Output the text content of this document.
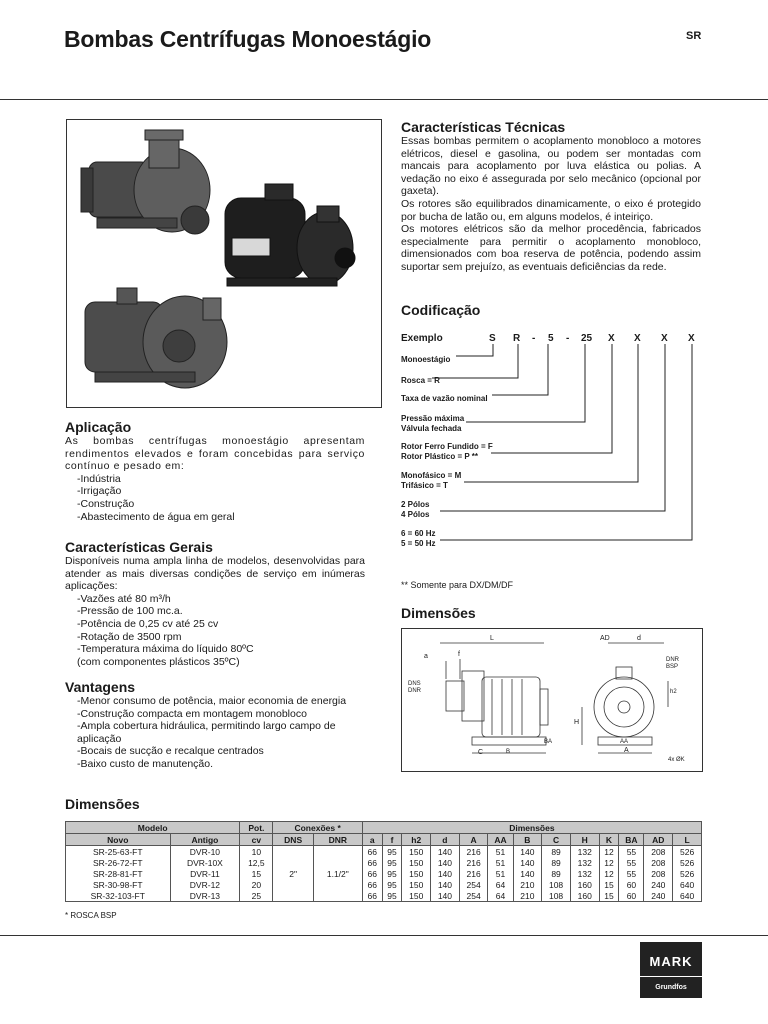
Bombas Centrífugas Monoestágio	SR
Aplicação

As bombas centrífugas monoestágio apresentam rendimentos elevados e foram concebidas para serviço contínuo e pesado em:

- Indústria
- Irrigação
- Construção
- Abastecimento de água em geral
Características Gerais

Disponíveis numa ampla linha de modelos, desenvolvidas para atender as mais diversas condições de serviço em inúmeras aplicações:

- Vazões até 80 m³/h
- Pressão de 100 mc.a.
- Potência de 0,25 cv até 25 cv
- Rotação de 3500 rpm
- Temperatura máxima do líquido 80ºC
(com componentes plásticos 35ºC)
Vantagens
- Menor consumo de potência, maior economia de energia
- Construção compacta em montagem monobloco
- Ampla cobertura hidráulica, permitindo largo campo de aplicação
- Bocais de sucção e recalque centrados
- Baixo custo de manutenção.
Características Técnicas

Essas bombas permitem o acoplamento monobloco a motores elétricos, diesel e gasolina, ou podem ser montadas com mancais para acoplamento por luva elástica ou polias. A vedação no eixo é assegurada por selo mecânico (opcional por gaxeta).

Os rotores são equilibrados dinamicamente, o eixo é protegido por bucha de latão ou, em alguns modelos, é inteiriço.

Os motores elétricos são da melhor procedência, fabricados especialmente para permitir o acoplamento monobloco, dimensionados com boa reserva de potência, podendo assim suportar sem prejuízo, as eventuais deficiências da rede.

Codificação
Exemplo	S R - 5 - 25 X X X X
Monoestágio
Rosca = R
Taxa de vazão nominal
Pressão máxima
Válvula fechada
Rotor Ferro Fundido = F
Rotor Plástico = P **
Monofásico = M
Trifásico = T
2 Pólos
4 Pólos
6 = 60 Hz
5 = 50 Hz
** Somente para DX/DM/DF
Dimensões
L	AD	d
a	f
DNR
BSP
DNS
DNR	h2
H
C	B
BA	AA
A
4x ØK
Dimensões
Modelo		Pot.	Conexões *		Dimensões												
Novo	Antigo	cv	DNS	DNR	a	f	h2	d	A	AA	B	C	H	K	BA	AD	L
SR-25-63-FT	DVR-10	10	2"	1.1/2"	66	95	150	140	216	51	140	89	132	12	55	208	526
SR-26-72-FT	DVR-10X	12,5			66	95	150	140	216	51	140	89	132	12	55	208	526
SR-28-81-FT	DVR-11	15			66	95	150	140	216	51	140	89	132	12	55	208	526
SR-30-98-FT	DVR-12	20			66	95	150	140	254	64	210	108	160	15	60	240	640
SR-32-103-FT	DVR-13	25			66	95	150	140	254	64	210	108	160	15	60	240	640
* ROSCA BSP
MARK
Grundfos
